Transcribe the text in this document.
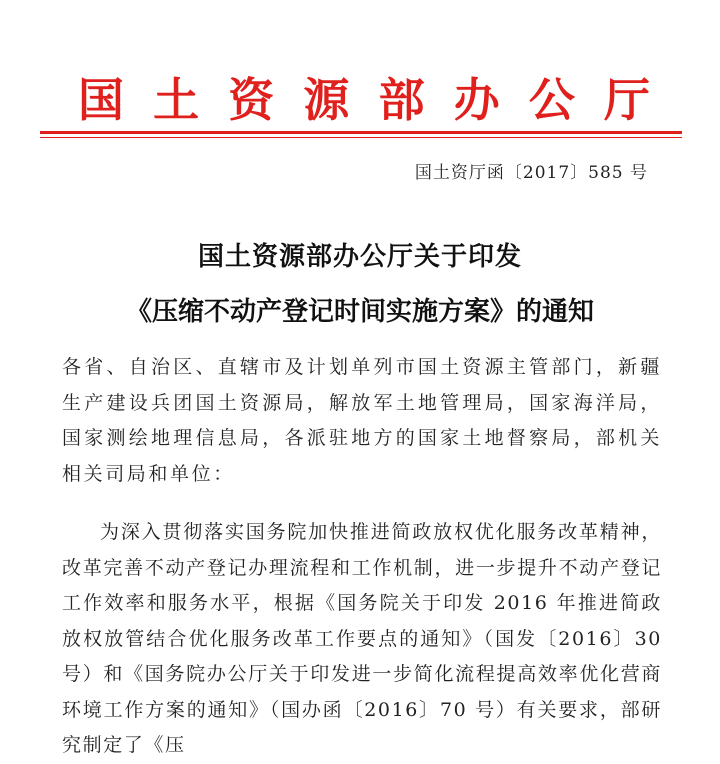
国 土 资 源 部 办 公 厅
国土资厅函〔2017〕585 号
国土资源部办公厅关于印发
《压缩不动产登记时间实施方案》的通知
各省、自治区、直辖市及计划单列市国土资源主管部门，新疆生产建设兵团国土资源局，解放军土地管理局，国家海洋局，国家测绘地理信息局，各派驻地方的国家土地督察局，部机关相关司局和单位：
为深入贯彻落实国务院加快推进简政放权优化服务改革精神，改革完善不动产登记办理流程和工作机制，进一步提升不动产登记工作效率和服务水平，根据《国务院关于印发 2016 年推进简政放权放管结合优化服务改革工作要点的通知》（国发〔2016〕30 号）和《国务院办公厅关于印发进一步简化流程提高效率优化营商环境工作方案的通知》（国办函〔2016〕70 号）有关要求，部研究制定了《压
